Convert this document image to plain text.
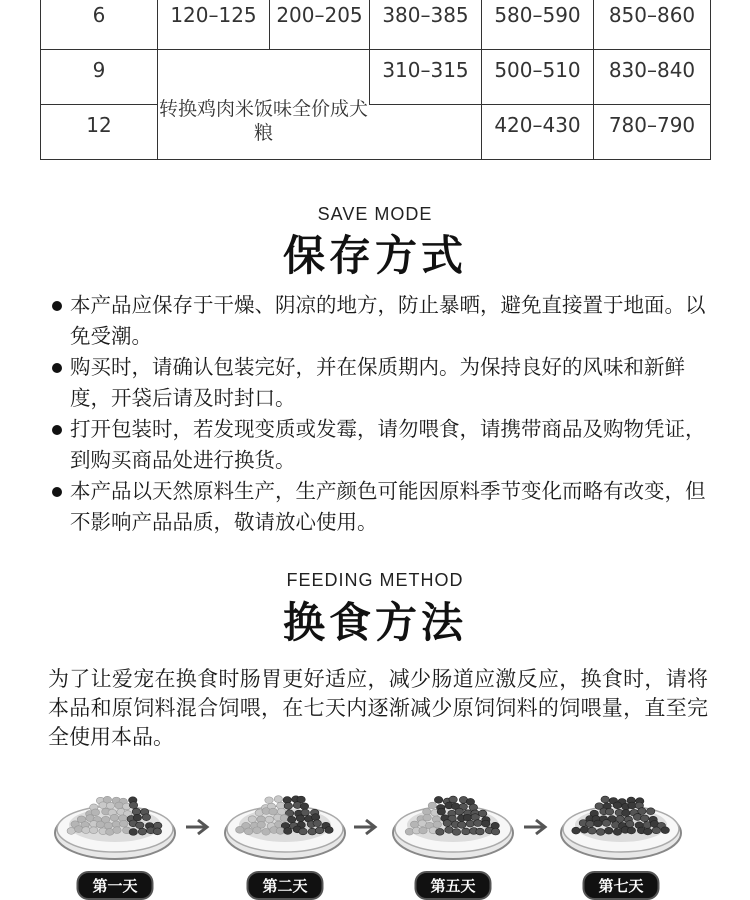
6	120–125	200–205	380–385	580–590	850–860
9	转换鸡肉米饭味全价成犬粮		310–315	500–510	830–840
12				420–430	780–790
SAVE MODE
保存方式
本产品应保存于干燥、阴凉的地方，防止暴晒，避免直接置于地面。以免受潮。
购买时，请确认包装完好，并在保质期内。为保持良好的风味和新鲜度，开袋后请及时封口。
打开包装时，若发现变质或发霉，请勿喂食，请携带商品及购物凭证，到购买商品处进行换货。
本产品以天然原料生产，生产颜色可能因原料季节变化而略有改变，但不影响产品品质，敬请放心使用。
FEEDING METHOD
换食方法
为了让爱宠在换食时肠胃更好适应，减少肠道应激反应，换食时，请将本品和原饲料混合饲喂，在七天内逐渐减少原饲饲料的饲喂量，直至完全使用本品。
第一天	第二天	第五天	第七天
